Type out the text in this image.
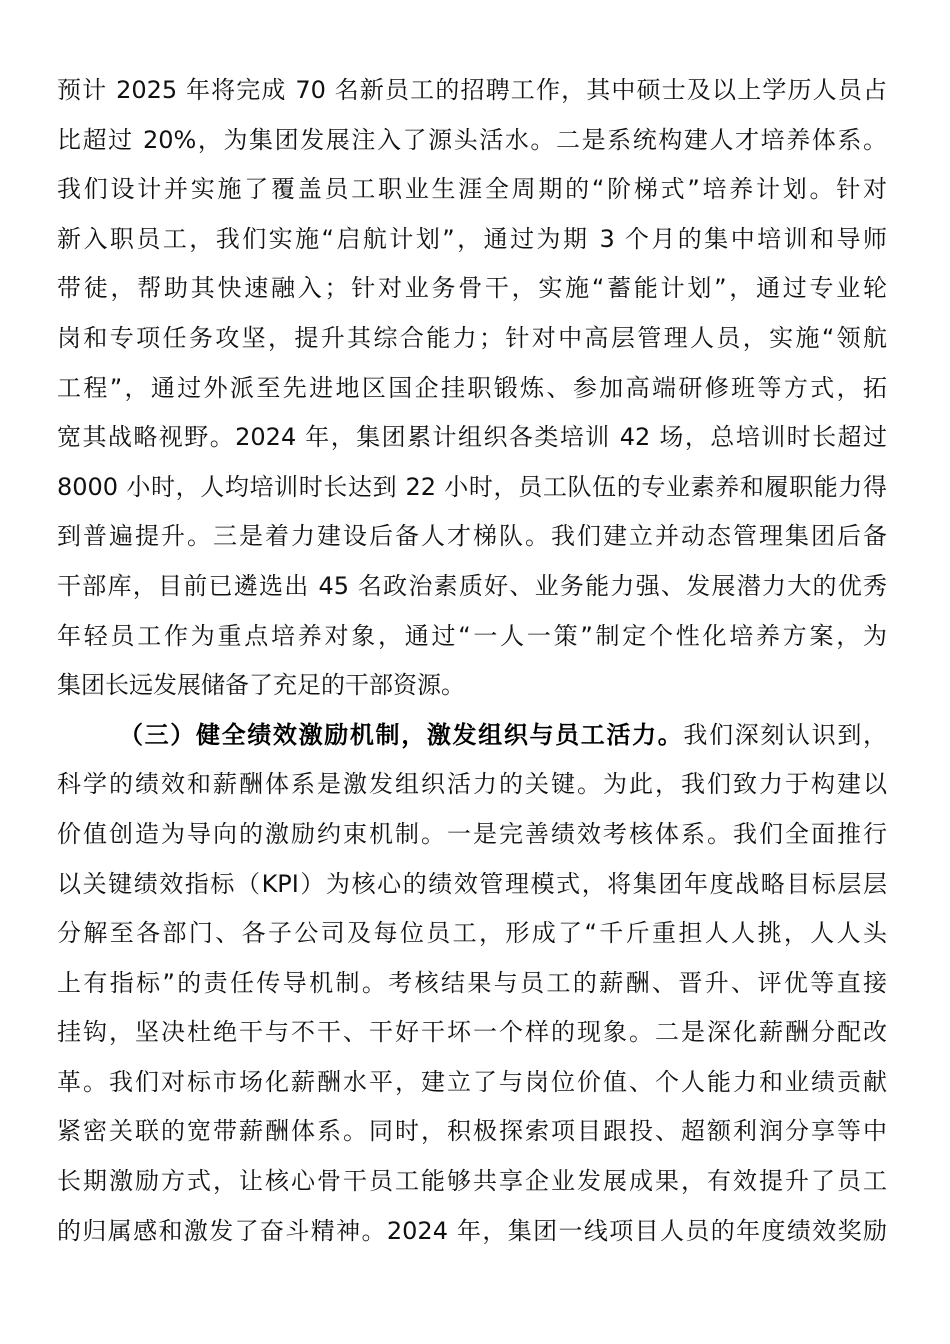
预计 2025 年将完成 70 名新员工的招聘工作，其中硕士及以上学历人员占
比超过 20%，为集团发展注入了源头活水。二是系统构建人才培养体系。
我们设计并实施了覆盖员工职业生涯全周期的“阶梯式”培养计划。针对
新入职员工，我们实施“启航计划”，通过为期 3 个月的集中培训和导师
带徒，帮助其快速融入；针对业务骨干，实施“蓄能计划”，通过专业轮
岗和专项任务攻坚，提升其综合能力；针对中高层管理人员，实施“领航
工程”，通过外派至先进地区国企挂职锻炼、参加高端研修班等方式，拓
宽其战略视野。2024 年，集团累计组织各类培训 42 场，总培训时长超过
8000 小时，人均培训时长达到 22 小时，员工队伍的专业素养和履职能力得
到普遍提升。三是着力建设后备人才梯队。我们建立并动态管理集团后备
干部库，目前已遴选出 45 名政治素质好、业务能力强、发展潜力大的优秀
年轻员工作为重点培养对象，通过“一人一策”制定个性化培养方案，为
集团长远发展储备了充足的干部资源。
（三）健全绩效激励机制，激发组织与员工活力。我们深刻认识到，
科学的绩效和薪酬体系是激发组织活力的关键。为此，我们致力于构建以
价值创造为导向的激励约束机制。一是完善绩效考核体系。我们全面推行
以关键绩效指标（KPI）为核心的绩效管理模式，将集团年度战略目标层层
分解至各部门、各子公司及每位员工，形成了“千斤重担人人挑，人人头
上有指标”的责任传导机制。考核结果与员工的薪酬、晋升、评优等直接
挂钩，坚决杜绝干与不干、干好干坏一个样的现象。二是深化薪酬分配改
革。我们对标市场化薪酬水平，建立了与岗位价值、个人能力和业绩贡献
紧密关联的宽带薪酬体系。同时，积极探索项目跟投、超额利润分享等中
长期激励方式，让核心骨干员工能够共享企业发展成果，有效提升了员工
的归属感和激发了奋斗精神。2024 年，集团一线项目人员的年度绩效奖励
